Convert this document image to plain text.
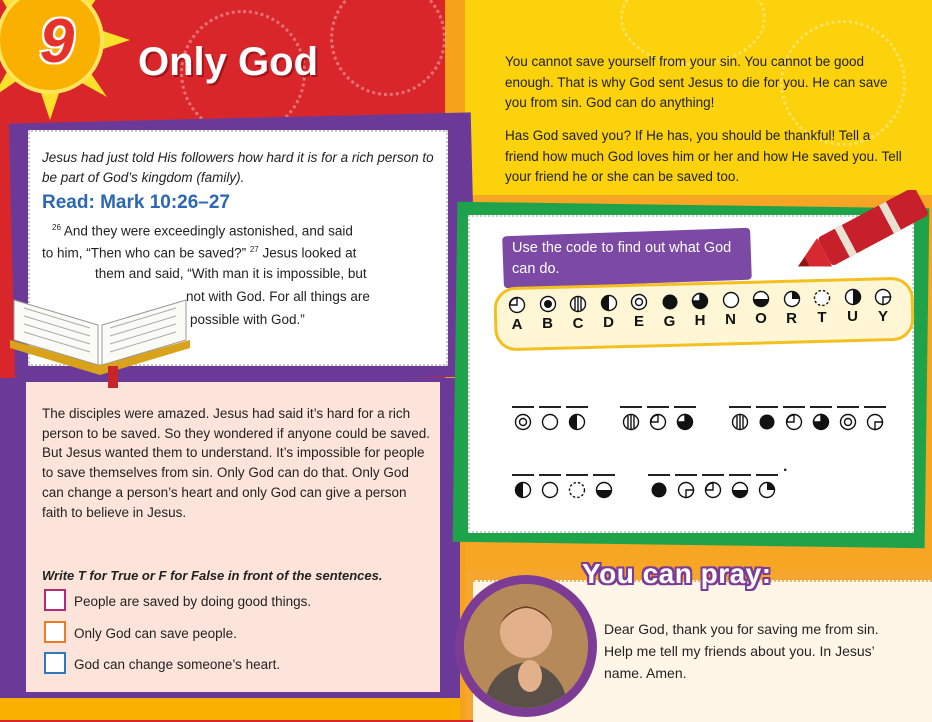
9	Only God
Jesus had just told His followers how hard it is for a rich person to be part of God’s kingdom (family).
Read: Mark 10:26–27
$^{26}$ And they were exceedingly astonished, and said
to him, “Then who can be saved?” $^{27}$ Jesus looked at
them and said, “With man it is impossible, but
not with God. For all things are
possible with God.”
The disciples were amazed. Jesus had said it’s hard for a rich person to be saved. So they wondered if anyone could be saved. But Jesus wanted them to understand. It’s impossible for people to save themselves from sin. Only God can do that. Only God can change a person’s heart and only God can give a person faith to believe in Jesus.
Write T for True or F for False in front of the sentences.
People are saved by doing good things.
Only God can save people.
God can change someone’s heart.
You cannot save yourself from your sin. You cannot be good enough. That is why God sent Jesus to die for you. He can save you from sin. God can do anything!
Has God saved you? If He has, you should be thankful! Tell a friend how much God loves him or her and how He saved you. Tell your friend he or she can be saved too.
Use the code to find out what God can do.
A	B	C	D	E	G	H	N	O	R	T	U	Y
.
You can pray:
Dear God, thank you for saving me from sin. Help me tell my friends about you. In Jesus’ name. Amen.
